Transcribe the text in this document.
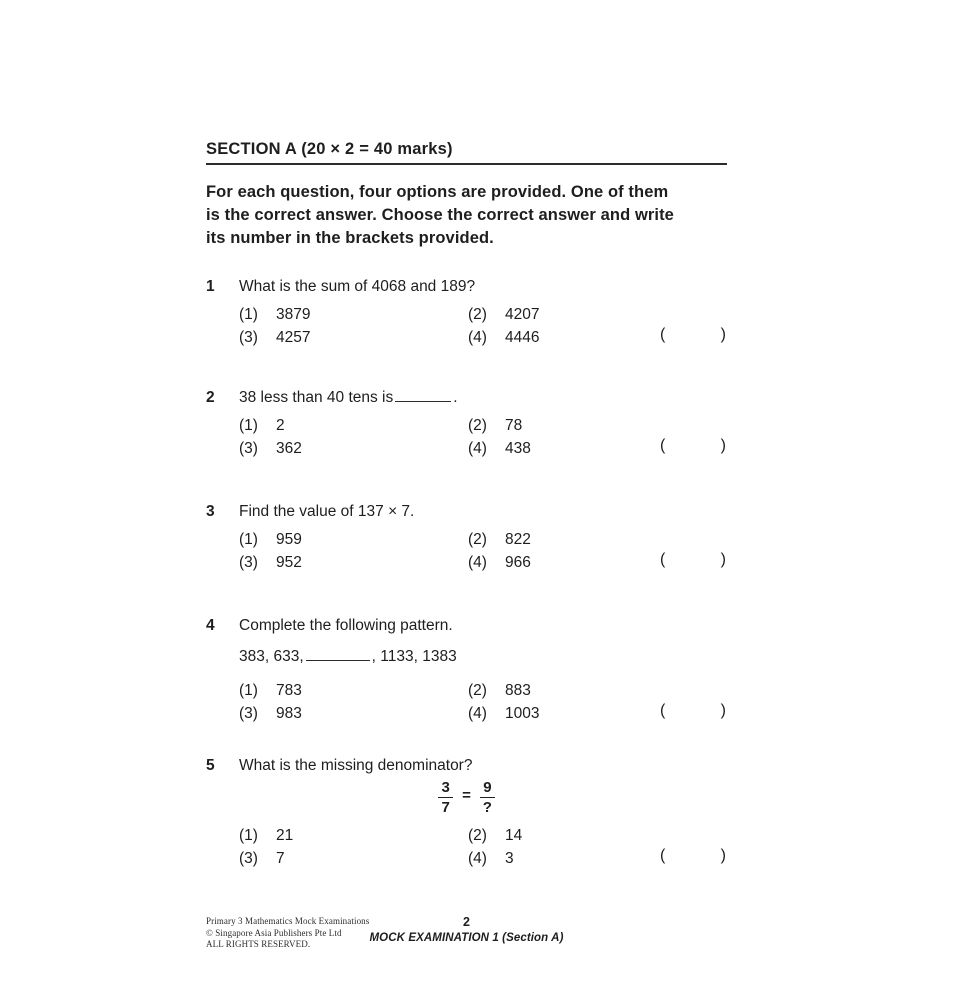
SECTION A (20 × 2 = 40 marks)
For each question, four options are provided. One of them
is the correct answer. Choose the correct answer and write
its number in the brackets provided.
1	What is the sum of 4068 and 189?
(1)	3879	(2)	4207
(3)	4257	(4)	4446	(	)
2	38 less than 40 tens is	.
(1)	2	(2)	78
(3)	362	(4)	438	(	)
3	Find the value of 137 × 7.
(1)	959	(2)	822
(3)	952	(4)	966	(	)
4	Complete the following pattern.
383, 633,	, 1133, 1383
(1)	783	(2)	883
(3)	983	(4)	1003	(	)
5	What is the missing denominator?
$\frac{3}{7} = \frac{9}{?}$
(1)	21	(2)	14
(3)	7	(4)	3	(	)
Primary 3 Mathematics Mock Examinations
© Singapore Asia Publishers Pte Ltd
ALL RIGHTS RESERVED.
2
MOCK EXAMINATION 1 (Section A)
